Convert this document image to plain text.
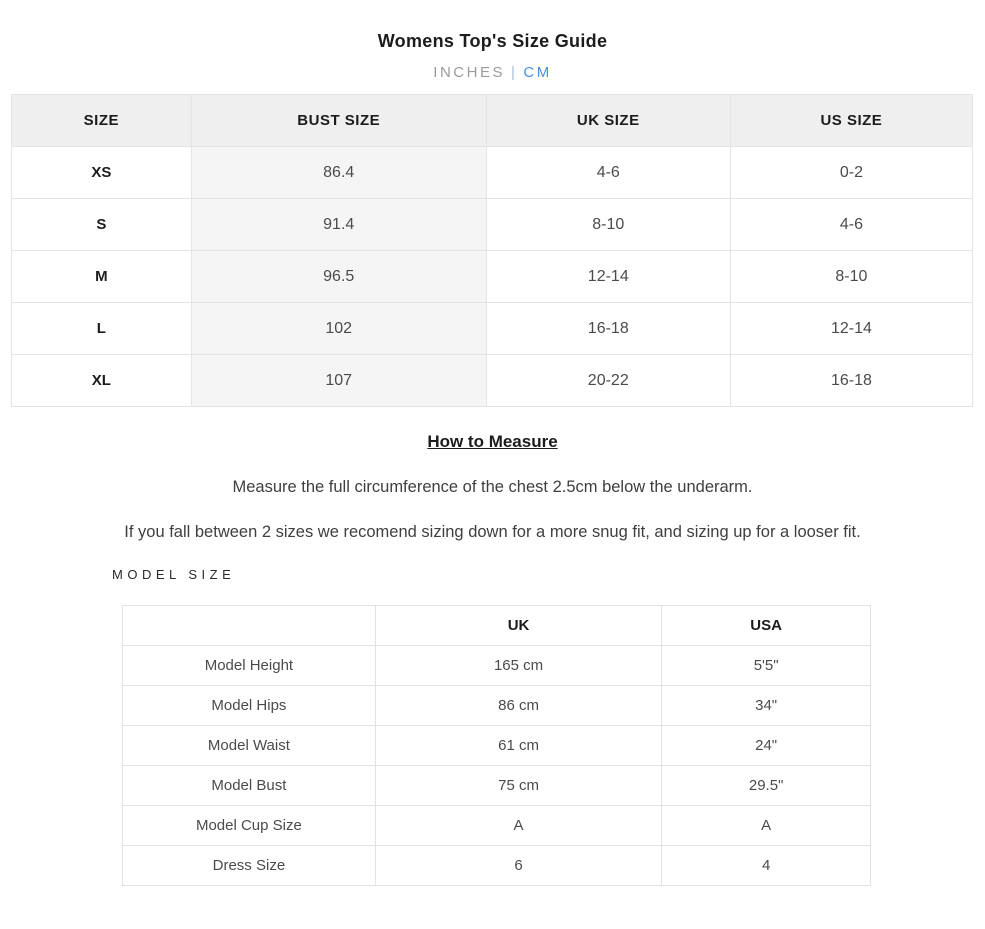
Womens Top's Size Guide
INCHES | CM
SIZE	BUST SIZE	UK SIZE	US SIZE
XS	86.4	4-6	0-2
S	91.4	8-10	4-6
M	96.5	12-14	8-10
L	102	16-18	12-14
XL	107	20-22	16-18
How to Measure

Measure the full circumference of the chest 2.5cm below the underarm.

If you fall between 2 sizes we recomend sizing down for a more snug fit, and sizing up for a looser fit.

MODEL SIZE
	UK	USA
Model Height	165 cm	5'5"
Model Hips	86 cm	34"
Model Waist	61 cm	24"
Model Bust	75 cm	29.5"
Model Cup Size	A	A
Dress Size	6	4
